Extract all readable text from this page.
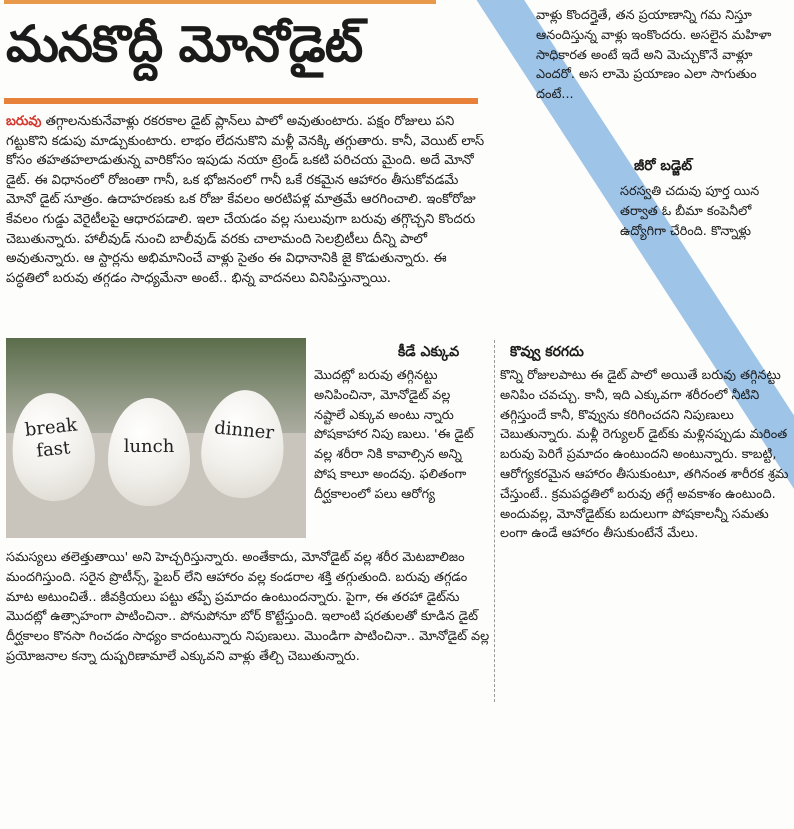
మనకొద్దీ మోనోడైట్

బరువు తగ్గాలనుకునేవాళ్లు రకరకాల డైట్ ప్లాన్‌లు పాలో అవుతుంటారు. పక్షం రోజులు పని గట్టుకొని కడుపు మాడ్చుకుంటారు. లాభం లేదనుకొని మళ్లీ వెనక్కి తగ్గుతారు. కానీ, వెయిట్ లాస్ కోసం తహతహలాడుతున్న వారికోసం ఇపుడు నయా ట్రెండ్ ఒకటి పరిచయ మైంది. అదే మోనో డైట్. ఈ విధానంలో రోజంతా గానీ, ఒక భోజనంలో గానీ ఒకే రకమైన ఆహారం తీసుకోవడమే మోనో డైట్ సూత్రం. ఉదాహరణకు ఒక రోజు కేవలం అరటిపళ్ల మాత్రమే ఆరగించాలి. ఇంకోరోజు కేవలం గుడ్డు వెరైటీలపై ఆధారపడాలి. ఇలా చేయడం వల్ల సులువుగా బరువు తగ్గొచ్చని కొందరు చెబుతున్నారు. హాలీవుడ్ నుంచి బాలీవుడ్ వరకు చాలామంది సెలబ్రిటీలు దీన్ని పాలో అవుతున్నారు. ఆ స్టార్లను అభిమానించే వాళ్లు సైతం ఈ విధానానికి జై కొడుతున్నారు. ఈ పద్ధతిలో బరువు తగ్గడం సాధ్యమేనా అంటే.. భిన్న వాదనలు వినిపిస్తున్నాయి.

break
fast	lunch
dinner
కీడే ఎక్కువ

మొదట్లో బరువు తగ్గినట్టు అనిపించినా, మోనోడైట్ వల్ల నష్టాలే ఎక్కువ అంటు న్నారు పోషకాహార నిపు ణులు. 'ఈ డైట్ వల్ల శరీరా నికి కావాల్సిన అన్ని పోష కాలూ అందవు. ఫలితంగా దీర్ఘకాలంలో పలు ఆరోగ్య

సమస్యలు తలెత్తుతాయి' అని హెచ్చరిస్తున్నారు. అంతేకాదు, మోనోడైట్ వల్ల శరీర మెటబాలిజం మందగిస్తుంది. సరైన ప్రొటీన్స్, ఫైబర్ లేని ఆహారం వల్ల కండరాల శక్తి తగ్గుతుంది. బరువు తగ్గడం మాట అటుంచితే.. జీవక్రియలు పట్టు తప్పే ప్రమాదం ఉంటుందన్నారు. పైగా, ఈ తరహా డైట్‌ను మొదట్లో ఉత్సాహంగా పాటించినా.. పోనుపోనూ బోర్ కొట్టేస్తుంది. ఇలాంటి షరతులతో కూడిన డైట్ దీర్ఘకాలం కొనసా గించడం సాధ్యం కాదంటున్నారు నిపుణులు. మొండిగా పాటించినా.. మోనోడైట్ వల్ల ప్రయోజనాల కన్నా దుష్పరిణామాలే ఎక్కువని వాళ్లు తేల్చి చెబుతున్నారు.

కొవ్వు కరగదు

కొన్ని రోజులపాటు ఈ డైట్ పాలో అయితే బరువు తగ్గినట్టు అనిపిం చవచ్చు. కానీ, ఇది ఎక్కువగా శరీరంలో నీటిని తగ్గిస్తుందే కానీ, కొవ్వును కరిగించదని నిపుణులు చెబుతున్నారు. మళ్లీ రెగ్యులర్ డైట్‌కు మళ్లినప్పుడు మరింత బరువు పెరిగే ప్రమాదం ఉంటుందని అంటున్నారు. కాబట్టి, ఆరోగ్యకరమైన ఆహారం తీసుకుంటూ, తగినంత శారీరక శ్రమ చేస్తుంటే.. క్రమపద్ధతిలో బరువు తగ్గే అవకాశం ఉంటుంది. అందువల్ల, మోనోడైట్‌కు బదులుగా పోషకాలన్నీ సమతు లంగా ఉండే ఆహారం తీసుకుంటేనే మేలు.

వాళ్లు కొందర్తైతే, తన ప్రయాణాన్ని గమ నిస్తూ ఆనందిస్తున్న వాళ్లు ఇంకొందరు. అసలైన మహిళా సాధికారత అంటే ఇదే అని మెచ్చుకొనే వాళ్లూ ఎందరో. అస లామె ప్రయాణం ఎలా సాగుతుం దంటే...

జీరో బడ్జెట్

సరస్వతి చదువు పూర్త యిన తర్వాత ఓ బీమా కంపెనీలో ఉద్యోగిగా చేరింది. కొన్నాళ్లు
